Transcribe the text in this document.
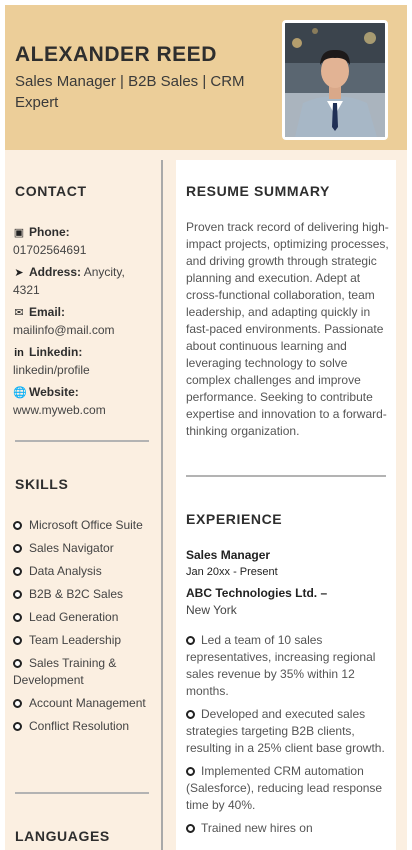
ALEXANDER REED
Sales Manager | B2B Sales | CRM Expert
CONTACT
▣ Phone:
01702564691
➤ Address: Anycity, 4321
✉ Email:
mailinfo@mail.com
in Linkedin:
linkedin/profile
🌐 Website:
www.myweb.com
SKILLS
Microsoft Office Suite
Sales Navigator
Data Analysis
B2B & B2C Sales
Lead Generation
Team Leadership
Sales Training & Development
Account Management
Conflict Resolution
LANGUAGES
RESUME SUMMARY
Proven track record of delivering high-impact projects, optimizing processes, and driving growth through strategic planning and execution. Adept at cross-functional collaboration, team leadership, and adapting quickly in fast-paced environments. Passionate about continuous learning and leveraging technology to solve complex challenges and improve performance. Seeking to contribute expertise and innovation to a forward-thinking organization.
EXPERIENCE
Sales Manager
Jan 20xx - Present
ABC Technologies Ltd. –
New York
Led a team of 10 sales representatives, increasing regional sales revenue by 35% within 12 months.
Developed and executed sales strategies targeting B2B clients, resulting in a 25% client base growth.
Implemented CRM automation (Salesforce), reducing lead response time by 40%.
Trained new hires on
